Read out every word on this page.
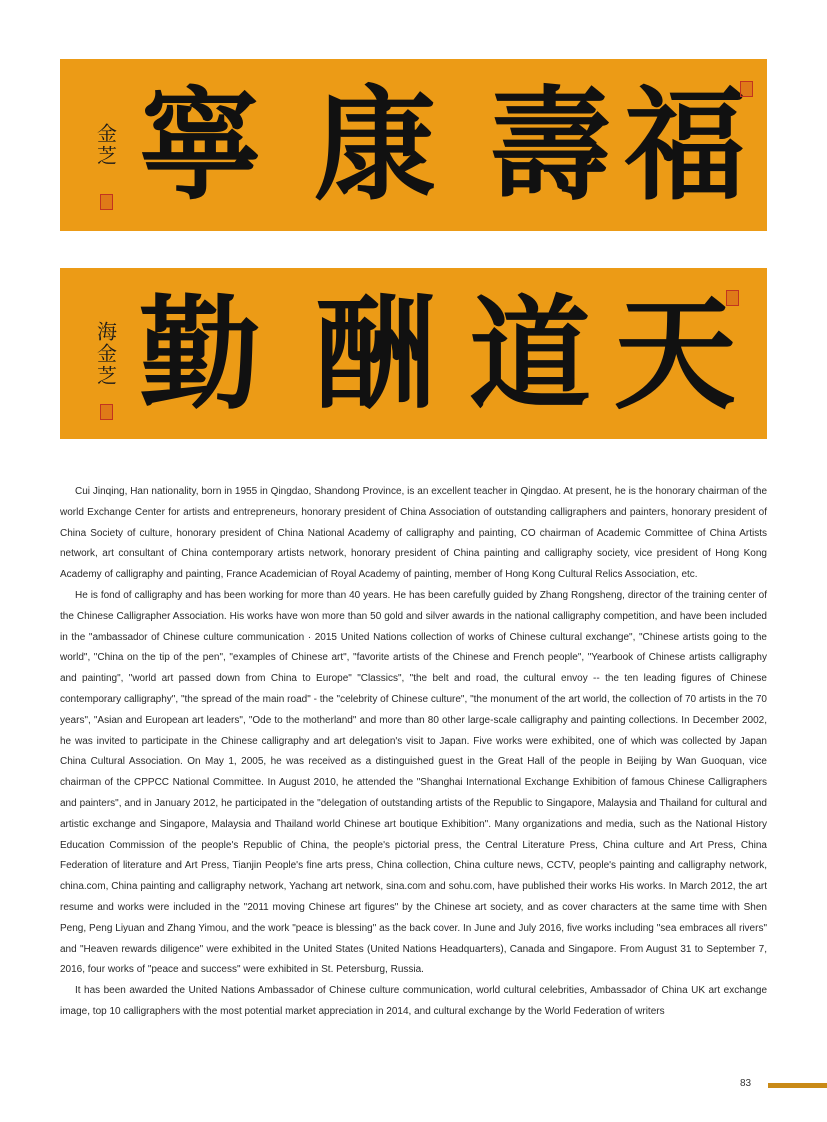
寧 康 壽 福
金芝
勤 酬 道 天
海金芝

Cui Jinqing, Han nationality, born in 1955 in Qingdao, Shandong Province, is an excellent teacher in Qingdao. At present, he is the honorary chairman of the world Exchange Center for artists and entrepreneurs, honorary president of China Association of outstanding calligraphers and painters, honorary president of China Society of culture, honorary president of China National Academy of calligraphy and painting, CO chairman of Academic Committee of China Artists network, art consultant of China contemporary artists network, honorary president of China painting and calligraphy society, vice president of Hong Kong Academy of calligraphy and painting, France Academician of Royal Academy of painting, member of Hong Kong Cultural Relics Association, etc.

He is fond of calligraphy and has been working for more than 40 years. He has been carefully guided by Zhang Rongsheng, director of the training center of the Chinese Calligrapher Association. His works have won more than 50 gold and silver awards in the national calligraphy competition, and have been included in the "ambassador of Chinese culture communication · 2015 United Nations collection of works of Chinese cultural exchange", "Chinese artists going to the world", "China on the tip of the pen", "examples of Chinese art", "favorite artists of the Chinese and French people", "Yearbook of Chinese artists calligraphy and painting", "world art passed down from China to Europe" "Classics", "the belt and road, the cultural envoy -- the ten leading figures of Chinese contemporary calligraphy", "the spread of the main road" - the "celebrity of Chinese culture", "the monument of the art world, the collection of 70 artists in the 70 years", "Asian and European art leaders", "Ode to the motherland" and more than 80 other large-scale calligraphy and painting collections. In December 2002, he was invited to participate in the Chinese calligraphy and art delegation's visit to Japan. Five works were exhibited, one of which was collected by Japan China Cultural Association. On May 1, 2005, he was received as a distinguished guest in the Great Hall of the people in Beijing by Wan Guoquan, vice chairman of the CPPCC National Committee. In August 2010, he attended the "Shanghai International Exchange Exhibition of famous Chinese Calligraphers and painters", and in January 2012, he participated in the "delegation of outstanding artists of the Republic to Singapore, Malaysia and Thailand for cultural and artistic exchange and Singapore, Malaysia and Thailand world Chinese art boutique Exhibition". Many organizations and media, such as the National History Education Commission of the people's Republic of China, the people's pictorial press, the Central Literature Press, China culture and Art Press, China Federation of literature and Art Press, Tianjin People's fine arts press, China collection, China culture news, CCTV, people's painting and calligraphy network, china.com, China painting and calligraphy network, Yachang art network, sina.com and sohu.com, have published their works His works. In March 2012, the art resume and works were included in the "2011 moving Chinese art figures" by the Chinese art society, and as cover characters at the same time with Shen Peng, Peng Liyuan and Zhang Yimou, and the work "peace is blessing" as the back cover. In June and July 2016, five works including "sea embraces all rivers" and "Heaven rewards diligence" were exhibited in the United States (United Nations Headquarters), Canada and Singapore. From August 31 to September 7, 2016, four works of "peace and success" were exhibited in St. Petersburg, Russia.

It has been awarded the United Nations Ambassador of Chinese culture communication, world cultural celebrities, Ambassador of China UK art exchange image, top 10 calligraphers with the most potential market appreciation in 2014, and cultural exchange by the World Federation of writers

83
